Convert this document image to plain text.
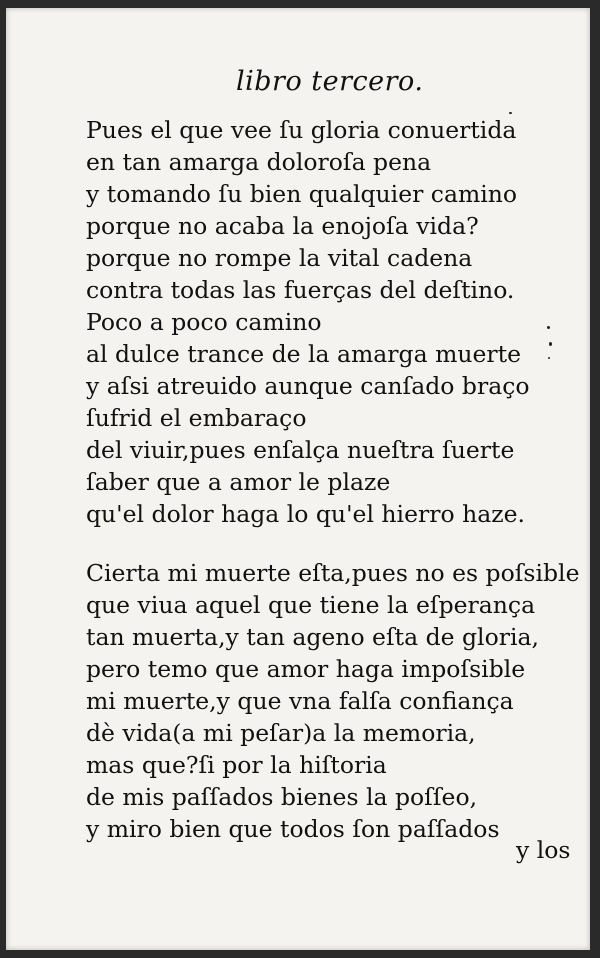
libro tercero.
Pues el que vee ſu gloria conuertida
en tan amarga doloroſa pena
y tomando ſu bien qualquier camino
porque no acaba la enojoſa vida?
porque no rompe la vital cadena
contra todas las fuerças del deſtino.
Poco a poco camino
al dulce trance de la amarga muerte
y aſsi atreuido aunque canſado braço
ſufrid el embaraço
del viuir,pues enſalça nueſtra ſuerte
ſaber que a amor le plaze
qu'el dolor haga lo qu'el hierro haze.
Cierta mi muerte eſta,pues no es poſsible
que viua aquel que tiene la eſperança
tan muerta,y tan ageno eſta de gloria,
pero temo que amor haga impoſsible
mi muerte,y que vna falſa confiança
dè vida(a mi peſar)a la memoria,
mas que?ſi por la hiſtoria
de mis paſſados bienes la poſſeo,
y miro bien que todos ſon paſſados
y los
